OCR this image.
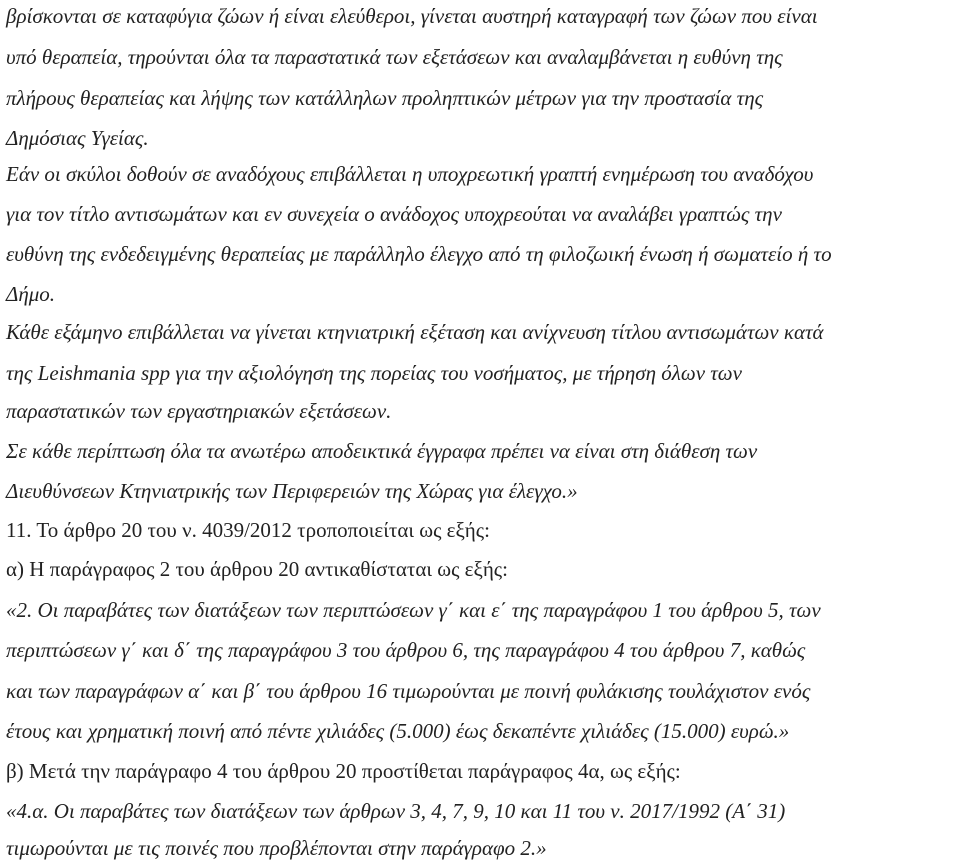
βρίσκονται σε καταφύγια ζώων ή είναι ελεύθεροι, γίνεται αυστηρή καταγραφή των ζώων που είναι
υπό θεραπεία, τηρούνται όλα τα παραστατικά των εξετάσεων και αναλαμβάνεται η ευθύνη της
πλήρους θεραπείας και λήψης των κατάλληλων προληπτικών μέτρων για την προστασία της
Δημόσιας Υγείας.
Εάν οι σκύλοι δοθούν σε αναδόχους επιβάλλεται η υποχρεωτική γραπτή ενημέρωση του αναδόχου
για τον τίτλο αντισωμάτων και εν συνεχεία ο ανάδοχος υποχρεούται να αναλάβει γραπτώς την
ευθύνη της ενδεδειγμένης θεραπείας με παράλληλο έλεγχο από τη φιλοζωική ένωση ή σωματείο ή το
Δήμο.
Κάθε εξάμηνο επιβάλλεται να γίνεται κτηνιατρική εξέταση και ανίχνευση τίτλου αντισωμάτων κατά
της Leishmania spp για την αξιολόγηση της πορείας του νοσήματος, με τήρηση όλων των
παραστατικών των εργαστηριακών εξετάσεων.
Σε κάθε περίπτωση όλα τα ανωτέρω αποδεικτικά έγγραφα πρέπει να είναι στη διάθεση των
Διευθύνσεων Κτηνιατρικής των Περιφερειών της Χώρας για έλεγχο.»
11. Το άρθρο 20 του ν. 4039/2012 τροποποιείται ως εξής:
α) Η παράγραφος 2 του άρθρου 20 αντικαθίσταται ως εξής:
«2. Οι παραβάτες των διατάξεων των περιπτώσεων γ΄ και ε΄ της παραγράφου 1 του άρθρου 5, των
περιπτώσεων γ΄ και δ΄ της παραγράφου 3 του άρθρου 6, της παραγράφου 4 του άρθρου 7, καθώς
και των παραγράφων α΄ και β΄ του άρθρου 16 τιμωρούνται με ποινή φυλάκισης τουλάχιστον ενός
έτους και χρηματική ποινή από πέντε χιλιάδες (5.000) έως δεκαπέντε χιλιάδες (15.000) ευρώ.»
β) Μετά την παράγραφο 4 του άρθρου 20 προστίθεται παράγραφος 4α, ως εξής:
«4.α. Οι παραβάτες των διατάξεων των άρθρων 3, 4, 7, 9, 10 και 11 του ν. 2017/1992 (Α΄ 31)
τιμωρούνται με τις ποινές που προβλέπονται στην παράγραφο 2.»
